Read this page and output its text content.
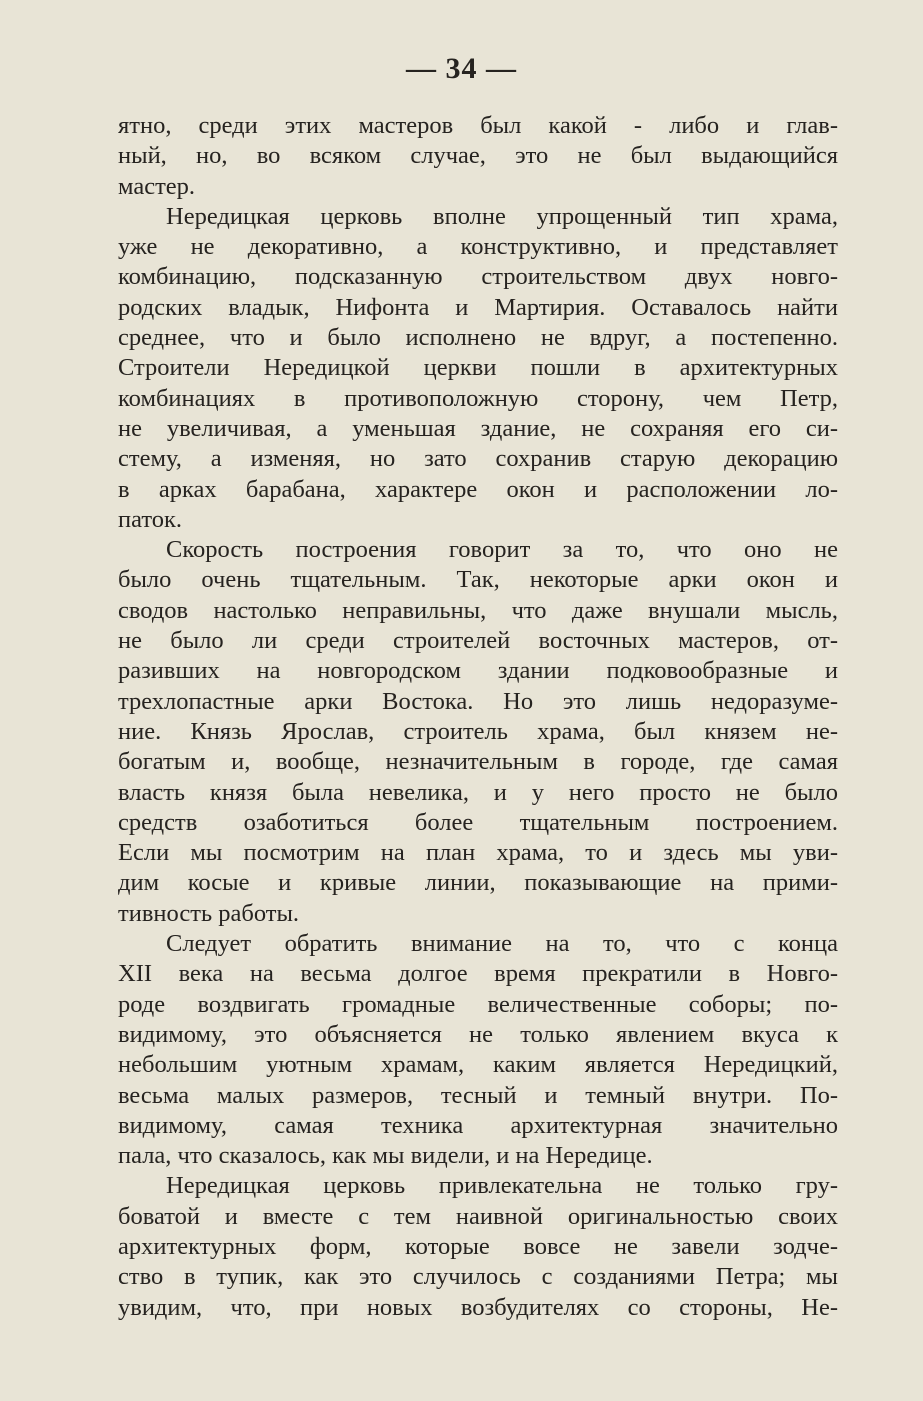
— 34 —
ятно, среди этих мастеров был какой - либо и глав-
ный, но, во всяком случае, это не был выдающийся
мастер.
Нередицкая церковь вполне упрощенный тип храма,
уже не декоративно, а конструктивно, и представляет
комбинацию, подсказанную строительством двух новго-
родских владык, Нифонта и Мартирия. Оставалось найти
среднее, что и было исполнено не вдруг, а постепенно.
Строители Нередицкой церкви пошли в архитектурных
комбинациях в противоположную сторону, чем Петр,
не увеличивая, а уменьшая здание, не сохраняя его си-
стему, а изменяя, но зато сохранив старую декорацию
в арках барабана, характере окон и расположении ло-
паток.
Скорость построения говорит за то, что оно не
было очень тщательным. Так, некоторые арки окон и
сводов настолько неправильны, что даже внушали мысль,
не было ли среди строителей восточных мастеров, от-
разивших на новгородском здании подковообразные и
трехлопастные арки Востока. Но это лишь недоразуме-
ние. Князь Ярослав, строитель храма, был князем не-
богатым и, вообще, незначительным в городе, где самая
власть князя была невелика, и у него просто не было
средств озаботиться более тщательным построением.
Если мы посмотрим на план храма, то и здесь мы уви-
дим косые и кривые линии, показывающие на прими-
тивность работы.
Следует обратить внимание на то, что с конца
XII века на весьма долгое время прекратили в Новго-
роде воздвигать громадные величественные соборы; по-
видимому, это объясняется не только явлением вкуса к
небольшим уютным храмам, каким является Нередицкий,
весьма малых размеров, тесный и темный внутри. По-
видимому, самая техника архитектурная значительно
пала, что сказалось, как мы видели, и на Нередице.
Нередицкая церковь привлекательна не только гру-
боватой и вместе с тем наивной оригинальностью своих
архитектурных форм, которые вовсе не завели зодче-
ство в тупик, как это случилось с созданиями Петра; мы
увидим, что, при новых возбудителях со стороны, Не-
